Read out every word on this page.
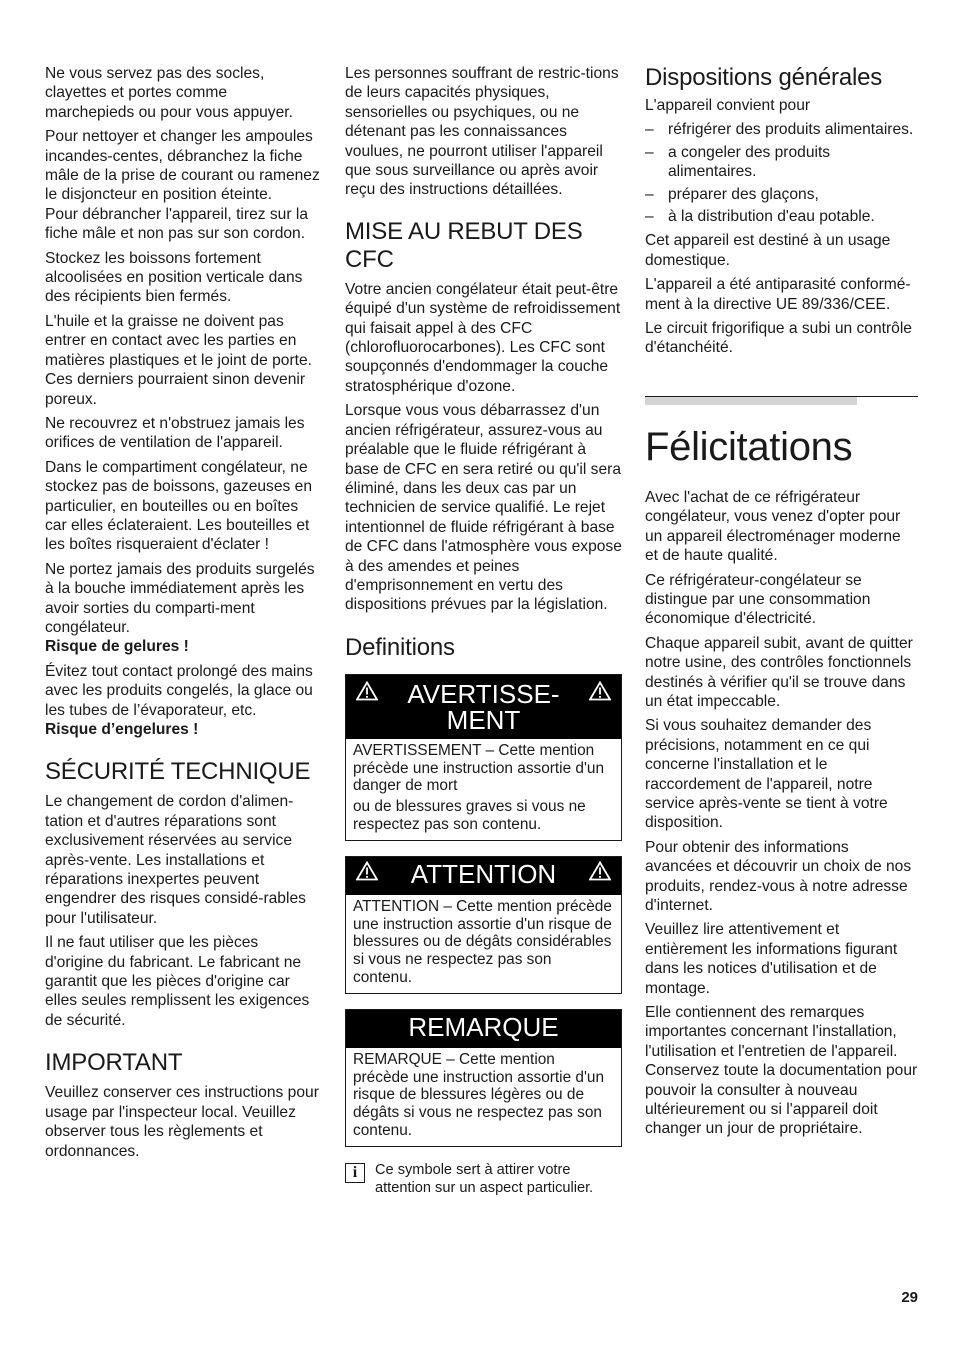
Ne vous servez pas des socles, clayettes et portes comme marchepieds ou pour vous appuyer.

Pour nettoyer et changer les ampoules incandes-centes, débranchez la fiche mâle de la prise de courant ou ramenez le disjoncteur en position éteinte.

Pour débrancher l'appareil, tirez sur la fiche mâle et non pas sur son cordon.

Stockez les boissons fortement alcoolisées en position verticale dans des récipients bien fermés.

L'huile et la graisse ne doivent pas entrer en contact avec les parties en matières plastiques et le joint de porte. Ces derniers pourraient sinon devenir poreux.

Ne recouvrez et n'obstruez jamais les orifices de ventilation de l'appareil.

Dans le compartiment congélateur, ne stockez pas de boissons, gazeuses en particulier, en bouteilles ou en boîtes car elles éclateraient. Les bouteilles et les boîtes risqueraient d'éclater !

Ne portez jamais des produits surgelés à la bouche immédiatement après les avoir sorties du comparti-ment congélateur.

Risque de gelures !

Évitez tout contact prolongé des mains avec les produits congelés, la glace ou les tubes de l’évaporateur, etc.

Risque d’engelures !

SÉCURITÉ TECHNIQUE

Le changement de cordon d'alimen-tation et d'autres réparations sont exclusivement réservées au service après-vente. Les installations et réparations inexpertes peuvent engendrer des risques considé-rables pour l'utilisateur.

Il ne faut utiliser que les pièces d'origine du fabricant. Le fabricant ne garantit que les pièces d'origine car elles seules remplissent les exigences de sécurité.

IMPORTANT

Veuillez conserver ces instructions pour usage par l'inspecteur local. Veuillez observer tous les règlements et ordonnances.

Les personnes souffrant de restric-tions de leurs capacités physiques, sensorielles ou psychiques, ou ne détenant pas les connaissances voulues, ne pourront utiliser l'appareil que sous surveillance ou après avoir reçu des instructions détaillées.

MISE AU REBUT DES CFC

Votre ancien congélateur était peut-être équipé d'un système de refroidissement qui faisait appel à des CFC (chlorofluorocarbones). Les CFC sont soupçonnés d'endommager la couche stratosphérique d'ozone.

Lorsque vous vous débarrassez d'un ancien réfrigérateur, assurez-vous au préalable que le fluide réfrigérant à base de CFC en sera retiré ou qu'il sera éliminé, dans les deux cas par un technicien de service qualifié. Le rejet intentionnel de fluide réfrigérant à base de CFC dans l'atmosphère vous expose à des amendes et peines d'emprisonnement en vertu des dispositions prévues par la législation.

Definitions
AVERTISSE-
MENT

AVERTISSEMENT – Cette mention précède une instruction assortie d'un danger de mort

ou de blessures graves si vous ne respectez pas son contenu.

ATTENTION

ATTENTION – Cette mention précède une instruction assortie d'un risque de blessures ou de dégâts considérables si vous ne respectez pas son contenu.

REMARQUE

REMARQUE – Cette mention précède une instruction assortie d'un risque de blessures légères ou de dégâts si vous ne respectez pas son contenu.

i	Ce symbole sert à attirer votre attention sur un aspect particulier.
Dispositions générales

L'appareil convient pour

– réfrigérer des produits alimentaires.
– a congeler des produits alimentaires.
– préparer des glaçons,
– à la distribution d'eau potable.

Cet appareil est destiné à un usage domestique.

L'appareil a été antiparasité conformé-ment à la directive UE 89/336/CEE.

Le circuit frigorifique a subi un contrôle d'étanchéité.

Félicitations

Avec l'achat de ce réfrigérateur congélateur, vous venez d'opter pour un appareil électroménager moderne et de haute qualité.

Ce réfrigérateur-congélateur se distingue par une consommation économique d'électricité.

Chaque appareil subit, avant de quitter notre usine, des contrôles fonctionnels destinés à vérifier qu'il se trouve dans un état impeccable.

Si vous souhaitez demander des précisions, notamment en ce qui concerne l'installation et le raccordement de l'appareil, notre service après-vente se tient à votre disposition.

Pour obtenir des informations avancées et découvrir un choix de nos produits, rendez-vous à notre adresse d'internet.

Veuillez lire attentivement et entièrement les informations figurant dans les notices d'utilisation et de montage.

Elle contiennent des remarques importantes concernant l'installation, l'utilisation et l'entretien de l'appareil. Conservez toute la documentation pour pouvoir la consulter à nouveau ultérieurement ou si l'appareil doit changer un jour de propriétaire.

29
